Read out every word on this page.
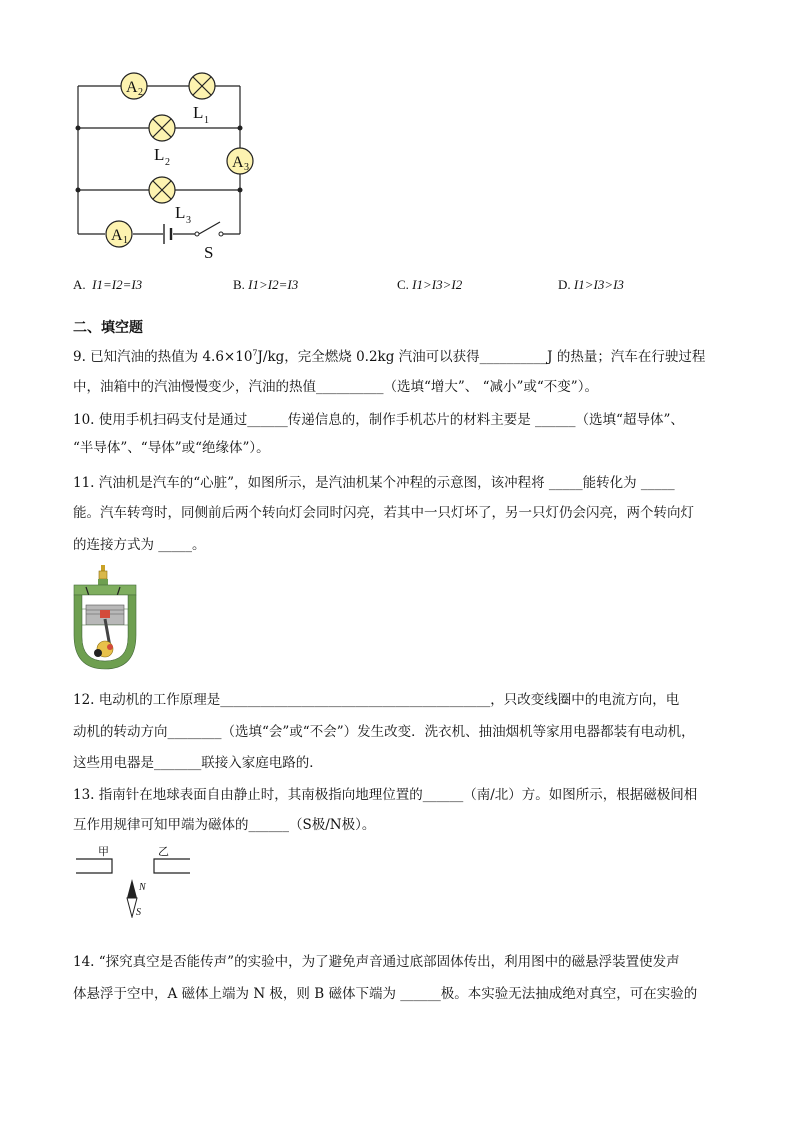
A 2
L 1
L 2	A 3
L 3
A 1
S
A. I1=I2=I3	B. I1>I2=I3	C. I1>I3>I2	D. I1>I3>I3
二、填空题
9. 已知汽油的热值为 $4.6\times 10^7J/kg$，完全燃烧 0.2kg 汽油可以获得__________J 的热量；汽车在行驶过程
中，油箱中的汽油慢慢变少，汽油的热值__________（选填“增大”、 “减小”或“不变”）。
10. 使用手机扫码支付是通过______传递信息的，制作手机芯片的材料主要是 ______（选填“超导体”、
“半导体”、“导体”或“绝缘体”）。
11. 汽油机是汽车的“心脏”，如图所示，是汽油机某个冲程的示意图，该冲程将 _____能转化为 _____
能。汽车转弯时，同侧前后两个转向灯会同时闪亮，若其中一只灯坏了，另一只灯仍会闪亮，两个转向灯
的连接方式为 _____。
12. 电动机的工作原理是________________________________________，只改变线圈中的电流方向，电
动机的转动方向________（选填“会”或“不会”）发生改变．洗衣机、抽油烟机等家用电器都装有电动机，
这些用电器是_______联接入家庭电路的．
13. 指南针在地球表面自由静止时，其南极指向地理位置的______（南/北）方。如图所示，根据磁极间相
互作用规律可知甲端为磁体的______（S极/N极）。
甲	乙
N
S
14. “探究真空是否能传声”的实验中，为了避免声音通过底部固体传出，利用图中的磁悬浮装置使发声
体悬浮于空中，A 磁体上端为 N 极，则 B 磁体下端为 ______极。本实验无法抽成绝对真空，可在实验的
